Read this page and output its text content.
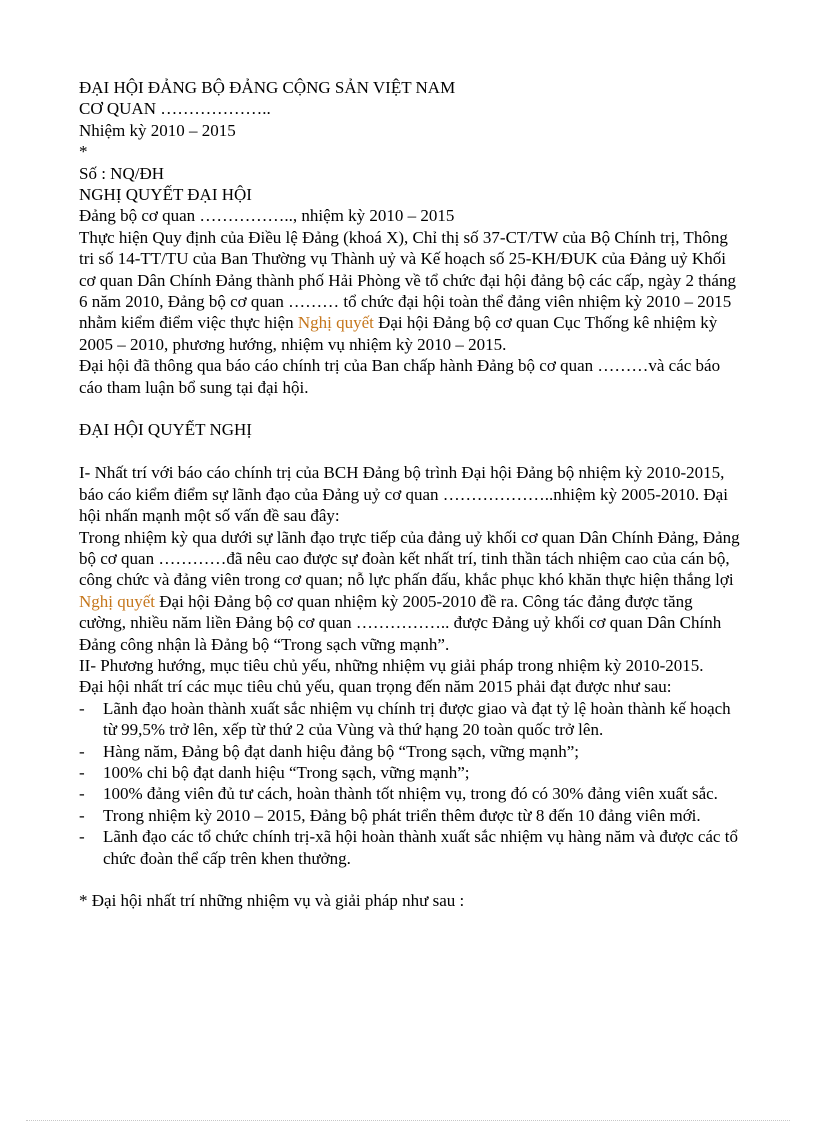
ĐẠI HỘI ĐẢNG BỘ ĐẢNG CỘNG SẢN VIỆT NAM

CƠ QUAN ………………..

Nhiệm kỳ 2010 – 2015

*

Số : NQ/ĐH

NGHỊ QUYẾT ĐẠI HỘI

Đảng bộ cơ quan …………….., nhiệm kỳ 2010 – 2015

Thực hiện Quy định của Điều lệ Đảng (khoá X), Chỉ thị số 37-CT/TW của Bộ Chính trị, Thông tri số 14-TT/TU của Ban Thường vụ Thành uỷ và Kế hoạch số 25-KH/ĐUK của Đảng uỷ Khối cơ quan Dân Chính Đảng thành phố Hải Phòng về tổ chức đại hội đảng bộ các cấp, ngày 2 tháng 6 năm 2010, Đảng bộ cơ quan ……… tổ chức đại hội toàn thể đảng viên nhiệm kỳ 2010 – 2015 nhằm kiểm điểm việc thực hiện Nghị quyết Đại hội Đảng bộ cơ quan Cục Thống kê nhiệm kỳ 2005 – 2010, phương hướng, nhiệm vụ nhiệm kỳ 2010 – 2015.

Đại hội đã thông qua báo cáo chính trị của Ban chấp hành Đảng bộ cơ quan ………và các báo cáo tham luận bổ sung tại đại hội.

ĐẠI HỘI QUYẾT NGHỊ

I- Nhất trí với báo cáo chính trị của BCH Đảng bộ trình Đại hội Đảng bộ nhiệm kỳ 2010-2015, báo cáo kiểm điểm sự lãnh đạo của Đảng uỷ cơ quan ………………..nhiệm kỳ 2005-2010. Đại hội nhấn mạnh một số vấn đề sau đây:

Trong nhiệm kỳ qua dưới sự lãnh đạo trực tiếp của đảng uỷ khối cơ quan Dân Chính Đảng, Đảng bộ cơ quan …………đã nêu cao được sự đoàn kết nhất trí, tinh thần tách nhiệm cao của cán bộ, công chức và đảng viên trong cơ quan; nỗ lực phấn đấu, khắc phục khó khăn thực hiện thắng lợi Nghị quyết Đại hội Đảng bộ cơ quan nhiệm kỳ 2005-2010 đề ra. Công tác đảng được tăng cường, nhiều năm liền Đảng bộ cơ quan …………….. được Đảng uỷ khối cơ quan Dân Chính Đảng công nhận là Đảng bộ “Trong sạch vững mạnh”.

II- Phương hướng, mục tiêu chủ yếu, những nhiệm vụ giải pháp trong nhiệm kỳ 2010-2015.

Đại hội nhất trí các mục tiêu chủ yếu, quan trọng đến năm 2015 phải đạt được như sau:

-	Lãnh đạo hoàn thành xuất sắc nhiệm vụ chính trị được giao và đạt tỷ lệ hoàn thành kế hoạch từ 99,5% trở lên, xếp từ thứ 2 của Vùng và thứ hạng 20 toàn quốc trở lên.
-	Hàng năm, Đảng bộ đạt danh hiệu đảng bộ “Trong sạch, vững mạnh”;
-	100% chi bộ đạt danh hiệu “Trong sạch, vững mạnh”;
-	100% đảng viên đủ tư cách, hoàn thành tốt nhiệm vụ, trong đó có 30% đảng viên xuất sắc.
-	Trong nhiệm kỳ 2010 – 2015, Đảng bộ phát triển thêm được từ 8 đến 10 đảng viên mới.
-	Lãnh đạo các tổ chức chính trị-xã hội hoàn thành xuất sắc nhiệm vụ hàng năm và được các tổ chức đoàn thể cấp trên khen thưởng.

* Đại hội nhất trí những nhiệm vụ và giải pháp như sau :
